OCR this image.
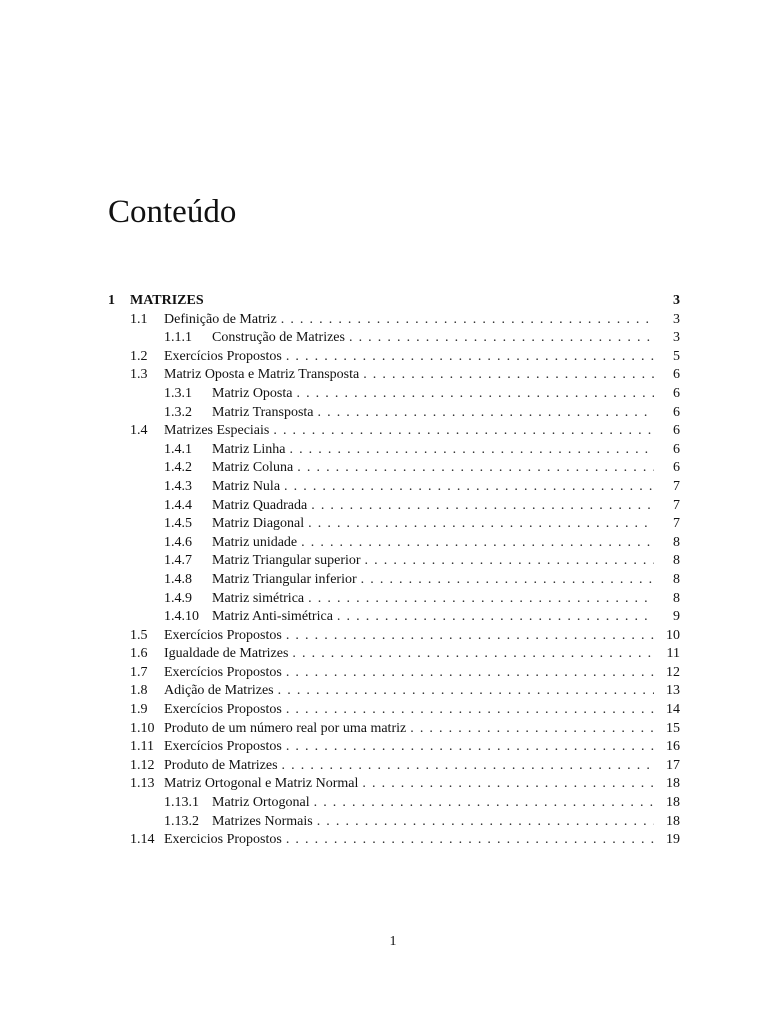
Conteúdo
1	MATRIZES	3
1.1	Definição de Matriz . . .	3
1.1.1	Construção de Matrizes . . .	3
1.2	Exercícios Propostos . . .	5
1.3	Matriz Oposta e Matriz Transposta . . .	6
1.3.1	Matriz Oposta . . .	6
1.3.2	Matriz Transposta . . .	6
1.4	Matrizes Especiais . . .	6
1.4.1	Matriz Linha . . .	6
1.4.2	Matriz Coluna . . .	6
1.4.3	Matriz Nula . . .	7
1.4.4	Matriz Quadrada . . .	7
1.4.5	Matriz Diagonal . . .	7
1.4.6	Matriz unidade . . .	8
1.4.7	Matriz Triangular superior . . .	8
1.4.8	Matriz Triangular inferior . . .	8
1.4.9	Matriz simétrica . . .	8
1.4.10 Matriz Anti-simétrica . . .	9
1.5	Exercícios Propostos . . .	10
1.6	Igualdade de Matrizes . . .	11
1.7	Exercícios Propostos . . .	12
1.8	Adição de Matrizes . . .	13
1.9	Exercícios Propostos . . .	14
1.10 Produto de um número real por uma matriz . . .	15
1.11 Exercícios Propostos . . .	16
1.12 Produto de Matrizes . . .	17
1.13 Matriz Ortogonal e Matriz Normal . . .	18
1.13.1 Matriz Ortogonal . . .	18
1.13.2 Matrizes Normais . . .	18
1.14 Exercicios Propostos . . .	19
1
